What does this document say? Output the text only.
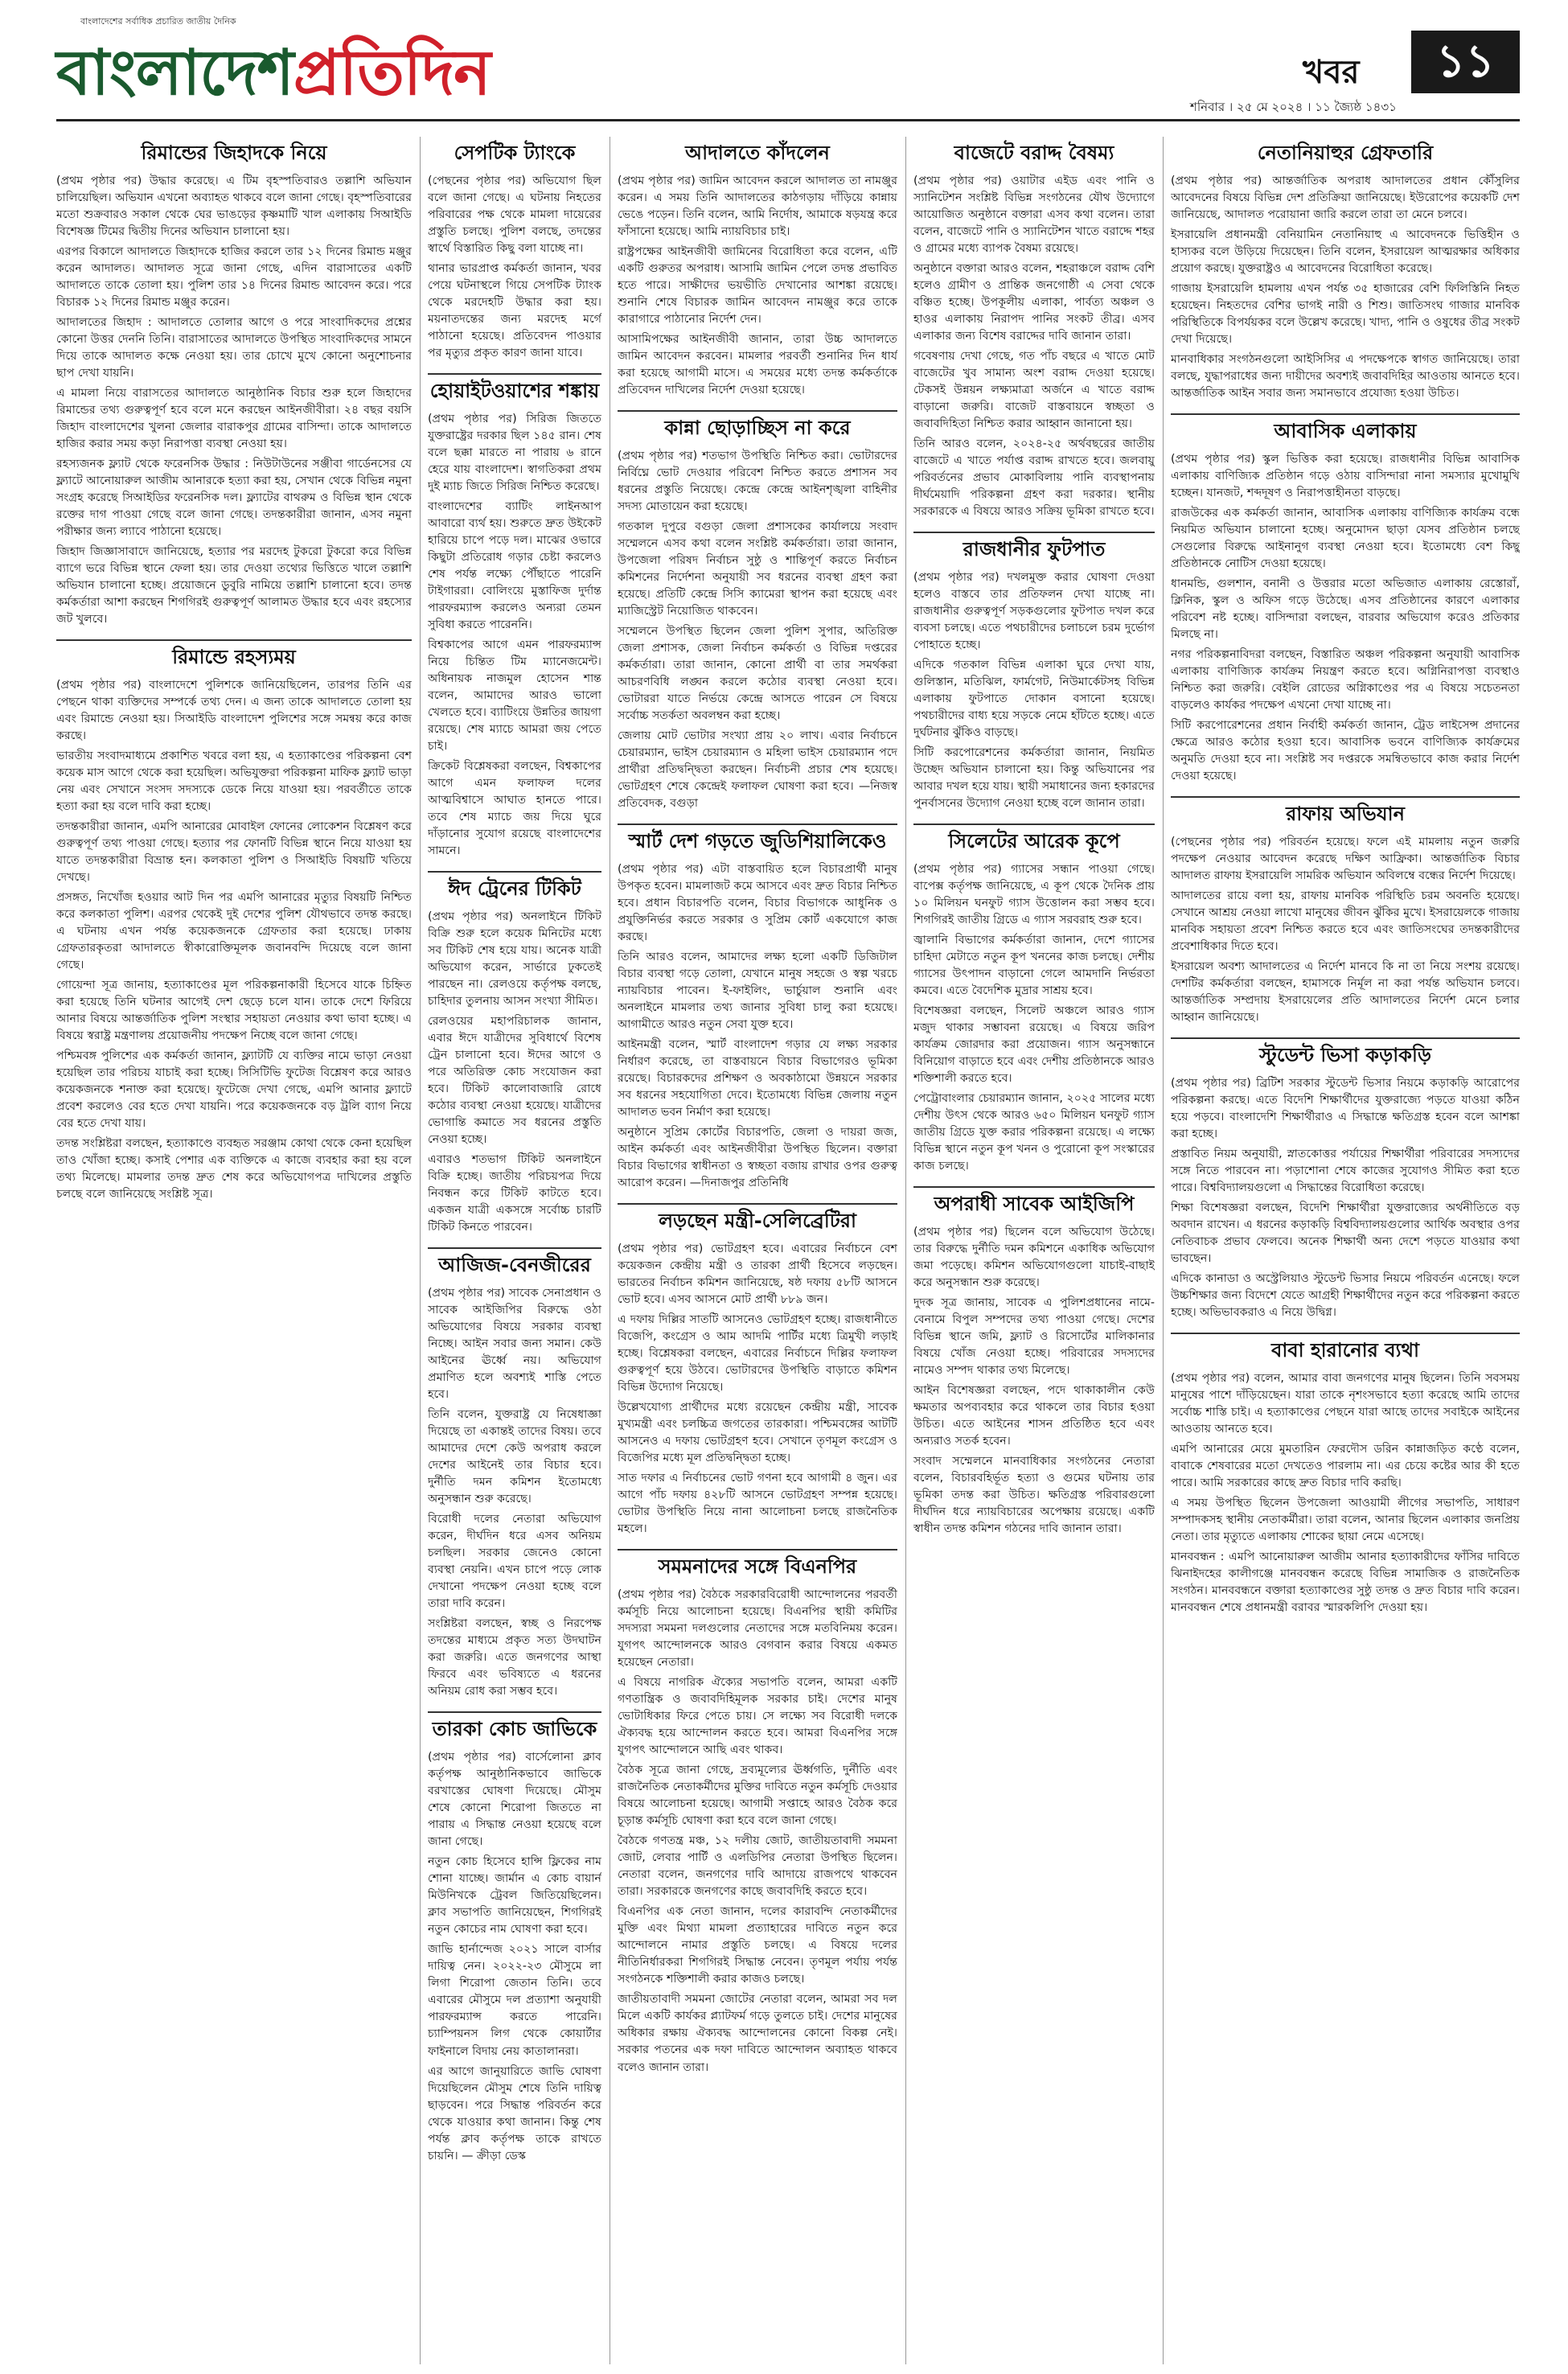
বাংলাদেশের সর্বাধিক প্রচারিত জাতীয় দৈনিক
বাংলাদেশপ্রতিদিন	খবর	১১
শনিবার । ২৫ মে ২০২৪ । ১১ জ্যৈষ্ঠ ১৪৩১
রিমান্ডের জিহাদকে নিয়ে

(প্রথম পৃষ্ঠার পর) উদ্ধার করেছে। এ টিম বৃহস্পতিবারও তল্লাশি অভিযান চালিয়েছিল। অভিযান এখনো অব্যাহত থাকবে বলে জানা গেছে। বৃহস্পতিবারের মতো শুক্রবারও সকাল থেকে ঘের ভাঙড়ের কৃষ্ণমাটি খাল এলাকায় সিআইডি বিশেষজ্ঞ টিমের দ্বিতীয় দিনের অভিযান চালানো হয়।

এরপর বিকালে আদালতে জিহাদকে হাজির করলে তার ১২ দিনের রিমান্ড মঞ্জুর করেন আদালত। আদালত সূত্রে জানা গেছে, এদিন বারাসাতের একটি আদালতে তাকে তোলা হয়। পুলিশ তার ১৪ দিনের রিমান্ড আবেদন করে। পরে বিচারক ১২ দিনের রিমান্ড মঞ্জুর করেন।

আদালতের জিহাদ : আদালতে তোলার আগে ও পরে সাংবাদিকদের প্রশ্নের কোনো উত্তর দেননি তিনি। বারাসাতের আদালতে উপস্থিত সাংবাদিকদের সামনে দিয়ে তাকে আদালত কক্ষে নেওয়া হয়। তার চোখে মুখে কোনো অনুশোচনার ছাপ দেখা যায়নি।

এ মামলা নিয়ে বারাসতের আদালতে আনুষ্ঠানিক বিচার শুরু হলে জিহাদের রিমান্ডের তথ্য গুরুত্বপূর্ণ হবে বলে মনে করছেন আইনজীবীরা। ২৪ বছর বয়সি জিহাদ বাংলাদেশের খুলনা জেলার বারাকপুর গ্রামের বাসিন্দা। তাকে আদালতে হাজির করার সময় কড়া নিরাপত্তা ব্যবস্থা নেওয়া হয়।

রহস্যজনক ফ্ল্যাট থেকে ফরেনসিক উদ্ধার : নিউটাউনের সঞ্জীবা গার্ডেনসের যে ফ্ল্যাটে আনোয়ারুল আজীম আনারকে হত্যা করা হয়, সেখান থেকে বিভিন্ন নমুনা সংগ্রহ করেছে সিআইডির ফরেনসিক দল। ফ্ল্যাটের বাথরুম ও বিভিন্ন স্থান থেকে রক্তের দাগ পাওয়া গেছে বলে জানা গেছে। তদন্তকারীরা জানান, এসব নমুনা পরীক্ষার জন্য ল্যাবে পাঠানো হয়েছে।

জিহাদ জিজ্ঞাসাবাদে জানিয়েছে, হত্যার পর মরদেহ টুকরো টুকরো করে বিভিন্ন ব্যাগে ভরে বিভিন্ন স্থানে ফেলা হয়। তার দেওয়া তথ্যের ভিত্তিতে খালে তল্লাশি অভিযান চালানো হচ্ছে। প্রয়োজনে ডুবুরি নামিয়ে তল্লাশি চালানো হবে। তদন্ত কর্মকর্তারা আশা করছেন শিগগিরই গুরুত্বপূর্ণ আলামত উদ্ধার হবে এবং রহস্যের জট খুলবে।

রিমান্ডে রহস্যময়

(প্রথম পৃষ্ঠার পর) বাংলাদেশে পুলিশকে জানিয়েছিলেন, তারপর তিনি এর পেছনে থাকা ব্যক্তিদের সম্পর্কে তথ্য দেন। এ জন্য তাকে আদালতে তোলা হয় এবং রিমান্ডে নেওয়া হয়। সিআইডি বাংলাদেশ পুলিশের সঙ্গে সমন্বয় করে কাজ করছে।

ভারতীয় সংবাদমাধ্যমে প্রকাশিত খবরে বলা হয়, এ হত্যাকাণ্ডের পরিকল্পনা বেশ কয়েক মাস আগে থেকে করা হয়েছিল। অভিযুক্তরা পরিকল্পনা মাফিক ফ্ল্যাট ভাড়া নেয় এবং সেখানে সংসদ সদস্যকে ডেকে নিয়ে যাওয়া হয়। পরবর্তীতে তাকে হত্যা করা হয় বলে দাবি করা হচ্ছে।

তদন্তকারীরা জানান, এমপি আনারের মোবাইল ফোনের লোকেশন বিশ্লেষণ করে গুরুত্বপূর্ণ তথ্য পাওয়া গেছে। হত্যার পর ফোনটি বিভিন্ন স্থানে নিয়ে যাওয়া হয় যাতে তদন্তকারীরা বিভ্রান্ত হন। কলকাতা পুলিশ ও সিআইডি বিষয়টি খতিয়ে দেখছে।

প্রসঙ্গত, নিখোঁজ হওয়ার আট দিন পর এমপি আনারের মৃত্যুর বিষয়টি নিশ্চিত করে কলকাতা পুলিশ। এরপর থেকেই দুই দেশের পুলিশ যৌথভাবে তদন্ত করছে। এ ঘটনায় এখন পর্যন্ত কয়েকজনকে গ্রেফতার করা হয়েছে। ঢাকায় গ্রেফতারকৃতরা আদালতে স্বীকারোক্তিমূলক জবানবন্দি দিয়েছে বলে জানা গেছে।

গোয়েন্দা সূত্র জানায়, হত্যাকাণ্ডের মূল পরিকল্পনাকারী হিসেবে যাকে চিহ্নিত করা হয়েছে তিনি ঘটনার আগেই দেশ ছেড়ে চলে যান। তাকে দেশে ফিরিয়ে আনার বিষয়ে আন্তর্জাতিক পুলিশ সংস্থার সহায়তা নেওয়ার কথা ভাবা হচ্ছে। এ বিষয়ে স্বরাষ্ট্র মন্ত্রণালয় প্রয়োজনীয় পদক্ষেপ নিচ্ছে বলে জানা গেছে।

পশ্চিমবঙ্গ পুলিশের এক কর্মকর্তা জানান, ফ্ল্যাটটি যে ব্যক্তির নামে ভাড়া নেওয়া হয়েছিল তার পরিচয় যাচাই করা হচ্ছে। সিসিটিভি ফুটেজ বিশ্লেষণ করে আরও কয়েকজনকে শনাক্ত করা হয়েছে। ফুটেজে দেখা গেছে, এমপি আনার ফ্ল্যাটে প্রবেশ করলেও বের হতে দেখা যায়নি। পরে কয়েকজনকে বড় ট্রলি ব্যাগ নিয়ে বের হতে দেখা যায়।

তদন্ত সংশ্লিষ্টরা বলছেন, হত্যাকাণ্ডে ব্যবহৃত সরঞ্জাম কোথা থেকে কেনা হয়েছিল তাও খোঁজা হচ্ছে। কসাই পেশার এক ব্যক্তিকে এ কাজে ব্যবহার করা হয় বলে তথ্য মিলেছে। মামলার তদন্ত দ্রুত শেষ করে অভিযোগপত্র দাখিলের প্রস্তুতি চলছে বলে জানিয়েছে সংশ্লিষ্ট সূত্র।

সেপটিক ট্যাংকে

(পেছনের পৃষ্ঠার পর) অভিযোগ ছিল বলে জানা গেছে। এ ঘটনায় নিহতের পরিবারের পক্ষ থেকে মামলা দায়েরের প্রস্তুতি চলছে। পুলিশ বলছে, তদন্তের স্বার্থে বিস্তারিত কিছু বলা যাচ্ছে না।

থানার ভারপ্রাপ্ত কর্মকর্তা জানান, খবর পেয়ে ঘটনাস্থলে গিয়ে সেপটিক ট্যাংক থেকে মরদেহটি উদ্ধার করা হয়। ময়নাতদন্তের জন্য মরদেহ মর্গে পাঠানো হয়েছে। প্রতিবেদন পাওয়ার পর মৃত্যুর প্রকৃত কারণ জানা যাবে।

হোয়াইটওয়াশের শঙ্কায়

(প্রথম পৃষ্ঠার পর) সিরিজ জিততে যুক্তরাষ্ট্রের দরকার ছিল ১৪৫ রান। শেষ বলে ছক্কা মারতে না পারায় ৬ রানে হেরে যায় বাংলাদেশ। স্বাগতিকরা প্রথম দুই ম্যাচ জিতে সিরিজ নিশ্চিত করেছে।

বাংলাদেশের ব্যাটিং লাইনআপ আবারো ব্যর্থ হয়। শুরুতে দ্রুত উইকেট হারিয়ে চাপে পড়ে দল। মাঝের ওভারে কিছুটা প্রতিরোধ গড়ার চেষ্টা করলেও শেষ পর্যন্ত লক্ষ্যে পৌঁছাতে পারেনি টাইগাররা। বোলিংয়ে মুস্তাফিজ দুর্দান্ত পারফরম্যান্স করলেও অন্যরা তেমন সুবিধা করতে পারেননি।

বিশ্বকাপের আগে এমন পারফরম্যান্স নিয়ে চিন্তিত টিম ম্যানেজমেন্ট। অধিনায়ক নাজমুল হোসেন শান্ত বলেন, আমাদের আরও ভালো খেলতে হবে। ব্যাটিংয়ে উন্নতির জায়গা রয়েছে। শেষ ম্যাচে আমরা জয় পেতে চাই।

ক্রিকেট বিশ্লেষকরা বলছেন, বিশ্বকাপের আগে এমন ফলাফল দলের আত্মবিশ্বাসে আঘাত হানতে পারে। তবে শেষ ম্যাচে জয় দিয়ে ঘুরে দাঁড়ানোর সুযোগ রয়েছে বাংলাদেশের সামনে।

ঈদ ট্রেনের টিকিট

(প্রথম পৃষ্ঠার পর) অনলাইনে টিকিট বিক্রি শুরু হলে কয়েক মিনিটের মধ্যে সব টিকিট শেষ হয়ে যায়। অনেক যাত্রী অভিযোগ করেন, সার্ভারে ঢুকতেই পারছেন না। রেলওয়ে কর্তৃপক্ষ বলছে, চাহিদার তুলনায় আসন সংখ্যা সীমিত।

রেলওয়ের মহাপরিচালক জানান, এবার ঈদে যাত্রীদের সুবিধার্থে বিশেষ ট্রেন চালানো হবে। ঈদের আগে ও পরে অতিরিক্ত কোচ সংযোজন করা হবে। টিকিট কালোবাজারি রোধে কঠোর ব্যবস্থা নেওয়া হয়েছে। যাত্রীদের ভোগান্তি কমাতে সব ধরনের প্রস্তুতি নেওয়া হচ্ছে।

এবারও শতভাগ টিকিট অনলাইনে বিক্রি হচ্ছে। জাতীয় পরিচয়পত্র দিয়ে নিবন্ধন করে টিকিট কাটতে হবে। একজন যাত্রী একসঙ্গে সর্বোচ্চ চারটি টিকিট কিনতে পারবেন।

আজিজ-বেনজীরের

(প্রথম পৃষ্ঠার পর) সাবেক সেনাপ্রধান ও সাবেক আইজিপির বিরুদ্ধে ওঠা অভিযোগের বিষয়ে সরকার ব্যবস্থা নিচ্ছে। আইন সবার জন্য সমান। কেউ আইনের ঊর্ধ্বে নয়। অভিযোগ প্রমাণিত হলে অবশ্যই শাস্তি পেতে হবে।

তিনি বলেন, যুক্তরাষ্ট্র যে নিষেধাজ্ঞা দিয়েছে তা একান্তই তাদের বিষয়। তবে আমাদের দেশে কেউ অপরাধ করলে দেশের আইনেই তার বিচার হবে। দুর্নীতি দমন কমিশন ইতোমধ্যে অনুসন্ধান শুরু করেছে।

বিরোধী দলের নেতারা অভিযোগ করেন, দীর্ঘদিন ধরে এসব অনিয়ম চলছিল। সরকার জেনেও কোনো ব্যবস্থা নেয়নি। এখন চাপে পড়ে লোক দেখানো পদক্ষেপ নেওয়া হচ্ছে বলে তারা দাবি করেন।

সংশ্লিষ্টরা বলছেন, স্বচ্ছ ও নিরপেক্ষ তদন্তের মাধ্যমে প্রকৃত সত্য উদঘাটন করা জরুরি। এতে জনগণের আস্থা ফিরবে এবং ভবিষ্যতে এ ধরনের অনিয়ম রোধ করা সম্ভব হবে।

তারকা কোচ জাভিকে

(প্রথম পৃষ্ঠার পর) বার্সেলোনা ক্লাব কর্তৃপক্ষ আনুষ্ঠানিকভাবে জাভিকে বরখাস্তের ঘোষণা দিয়েছে। মৌসুম শেষে কোনো শিরোপা জিততে না পারায় এ সিদ্ধান্ত নেওয়া হয়েছে বলে জানা গেছে।

নতুন কোচ হিসেবে হান্সি ফ্লিকের নাম শোনা যাচ্ছে। জার্মান এ কোচ বায়ার্ন মিউনিখকে ট্রেবল জিতিয়েছিলেন। ক্লাব সভাপতি জানিয়েছেন, শিগগিরই নতুন কোচের নাম ঘোষণা করা হবে।

জাভি হার্নান্দেজ ২০২১ সালে বার্সার দায়িত্ব নেন। ২০২২-২৩ মৌসুমে লা লিগা শিরোপা জেতান তিনি। তবে এবারের মৌসুমে দল প্রত্যাশা অনুযায়ী পারফরম্যান্স করতে পারেনি। চ্যাম্পিয়নস লিগ থেকে কোয়ার্টার ফাইনালে বিদায় নেয় কাতালানরা।

এর আগে জানুয়ারিতে জাভি ঘোষণা দিয়েছিলেন মৌসুম শেষে তিনি দায়িত্ব ছাড়বেন। পরে সিদ্ধান্ত পরিবর্তন করে থেকে যাওয়ার কথা জানান। কিন্তু শেষ পর্যন্ত ক্লাব কর্তৃপক্ষ তাকে রাখতে চায়নি। — ক্রীড়া ডেস্ক

আদালতে কাঁদলেন

(প্রথম পৃষ্ঠার পর) জামিন আবেদন করলে আদালত তা নামঞ্জুর করেন। এ সময় তিনি আদালতের কাঠগড়ায় দাঁড়িয়ে কান্নায় ভেঙে পড়েন। তিনি বলেন, আমি নির্দোষ, আমাকে ষড়যন্ত্র করে ফাঁসানো হয়েছে। আমি ন্যায়বিচার চাই।

রাষ্ট্রপক্ষের আইনজীবী জামিনের বিরোধিতা করে বলেন, এটি একটি গুরুতর অপরাধ। আসামি জামিন পেলে তদন্ত প্রভাবিত হতে পারে। সাক্ষীদের ভয়ভীতি দেখানোর আশঙ্কা রয়েছে। শুনানি শেষে বিচারক জামিন আবেদন নামঞ্জুর করে তাকে কারাগারে পাঠানোর নির্দেশ দেন।

আসামিপক্ষের আইনজীবী জানান, তারা উচ্চ আদালতে জামিন আবেদন করবেন। মামলার পরবর্তী শুনানির দিন ধার্য করা হয়েছে আগামী মাসে। এ সময়ের মধ্যে তদন্ত কর্মকর্তাকে প্রতিবেদন দাখিলের নির্দেশ দেওয়া হয়েছে।

কান্না ছোড়াচ্ছিস না করে

(প্রথম পৃষ্ঠার পর) শতভাগ উপস্থিতি নিশ্চিত করা। ভোটারদের নির্বিঘ্নে ভোট দেওয়ার পরিবেশ নিশ্চিত করতে প্রশাসন সব ধরনের প্রস্তুতি নিয়েছে। কেন্দ্রে কেন্দ্রে আইনশৃঙ্খলা বাহিনীর সদস্য মোতায়েন করা হয়েছে।

গতকাল দুপুরে বগুড়া জেলা প্রশাসকের কার্যালয়ে সংবাদ সম্মেলনে এসব কথা বলেন সংশ্লিষ্ট কর্মকর্তারা। তারা জানান, উপজেলা পরিষদ নির্বাচন সুষ্ঠু ও শান্তিপূর্ণ করতে নির্বাচন কমিশনের নির্দেশনা অনুযায়ী সব ধরনের ব্যবস্থা গ্রহণ করা হয়েছে। প্রতিটি কেন্দ্রে সিসি ক্যামেরা স্থাপন করা হয়েছে এবং ম্যাজিস্ট্রেট নিয়োজিত থাকবেন।

সম্মেলনে উপস্থিত ছিলেন জেলা পুলিশ সুপার, অতিরিক্ত জেলা প্রশাসক, জেলা নির্বাচন কর্মকর্তা ও বিভিন্ন দপ্তরের কর্মকর্তারা। তারা জানান, কোনো প্রার্থী বা তার সমর্থকরা আচরণবিধি লঙ্ঘন করলে কঠোর ব্যবস্থা নেওয়া হবে। ভোটাররা যাতে নির্ভয়ে কেন্দ্রে আসতে পারেন সে বিষয়ে সর্বোচ্চ সতর্কতা অবলম্বন করা হচ্ছে।

জেলায় মোট ভোটার সংখ্যা প্রায় ২০ লাখ। এবার নির্বাচনে চেয়ারম্যান, ভাইস চেয়ারম্যান ও মহিলা ভাইস চেয়ারম্যান পদে প্রার্থীরা প্রতিদ্বন্দ্বিতা করছেন। নির্বাচনী প্রচার শেষ হয়েছে। ভোটগ্রহণ শেষে কেন্দ্রেই ফলাফল ঘোষণা করা হবে। —নিজস্ব প্রতিবেদক, বগুড়া

স্মার্ট দেশ গড়তে জুডিশিয়ালিকেও

(প্রথম পৃষ্ঠার পর) এটা বাস্তবায়িত হলে বিচারপ্রার্থী মানুষ উপকৃত হবেন। মামলাজট কমে আসবে এবং দ্রুত বিচার নিশ্চিত হবে। প্রধান বিচারপতি বলেন, বিচার বিভাগকে আধুনিক ও প্রযুক্তিনির্ভর করতে সরকার ও সুপ্রিম কোর্ট একযোগে কাজ করছে।

তিনি আরও বলেন, আমাদের লক্ষ্য হলো একটি ডিজিটাল বিচার ব্যবস্থা গড়ে তোলা, যেখানে মানুষ সহজে ও স্বল্প খরচে ন্যায়বিচার পাবেন। ই-ফাইলিং, ভার্চুয়াল শুনানি এবং অনলাইনে মামলার তথ্য জানার সুবিধা চালু করা হয়েছে। আগামীতে আরও নতুন সেবা যুক্ত হবে।

আইনমন্ত্রী বলেন, স্মার্ট বাংলাদেশ গড়ার যে লক্ষ্য সরকার নির্ধারণ করেছে, তা বাস্তবায়নে বিচার বিভাগেরও ভূমিকা রয়েছে। বিচারকদের প্রশিক্ষণ ও অবকাঠামো উন্নয়নে সরকার সব ধরনের সহযোগিতা দেবে। ইতোমধ্যে বিভিন্ন জেলায় নতুন আদালত ভবন নির্মাণ করা হয়েছে।

অনুষ্ঠানে সুপ্রিম কোর্টের বিচারপতি, জেলা ও দায়রা জজ, আইন কর্মকর্তা এবং আইনজীবীরা উপস্থিত ছিলেন। বক্তারা বিচার বিভাগের স্বাধীনতা ও স্বচ্ছতা বজায় রাখার ওপর গুরুত্ব আরোপ করেন। —দিনাজপুর প্রতিনিধি

লড়ছেন মন্ত্রী-সেলিব্রেটিরা

(প্রথম পৃষ্ঠার পর) ভোটগ্রহণ হবে। এবারের নির্বাচনে বেশ কয়েকজন কেন্দ্রীয় মন্ত্রী ও তারকা প্রার্থী হিসেবে লড়ছেন। ভারতের নির্বাচন কমিশন জানিয়েছে, ষষ্ঠ দফায় ৫৮টি আসনে ভোট হবে। এসব আসনে মোট প্রার্থী ৮৮৯ জন।

এ দফায় দিল্লির সাতটি আসনেও ভোটগ্রহণ হচ্ছে। রাজধানীতে বিজেপি, কংগ্রেস ও আম আদমি পার্টির মধ্যে ত্রিমুখী লড়াই হচ্ছে। বিশ্লেষকরা বলছেন, এবারের নির্বাচনে দিল্লির ফলাফল গুরুত্বপূর্ণ হয়ে উঠবে। ভোটারদের উপস্থিতি বাড়াতে কমিশন বিভিন্ন উদ্যোগ নিয়েছে।

উল্লেখযোগ্য প্রার্থীদের মধ্যে রয়েছেন কেন্দ্রীয় মন্ত্রী, সাবেক মুখ্যমন্ত্রী এবং চলচ্চিত্র জগতের তারকারা। পশ্চিমবঙ্গের আটটি আসনেও এ দফায় ভোটগ্রহণ হবে। সেখানে তৃণমূল কংগ্রেস ও বিজেপির মধ্যে মূল প্রতিদ্বন্দ্বিতা হচ্ছে।

সাত দফার এ নির্বাচনের ভোট গণনা হবে আগামী ৪ জুন। এর আগে পাঁচ দফায় ৪২৮টি আসনে ভোটগ্রহণ সম্পন্ন হয়েছে। ভোটার উপস্থিতি নিয়ে নানা আলোচনা চলছে রাজনৈতিক মহলে।

সমমনাদের সঙ্গে বিএনপির

(প্রথম পৃষ্ঠার পর) বৈঠকে সরকারবিরোধী আন্দোলনের পরবর্তী কর্মসূচি নিয়ে আলোচনা হয়েছে। বিএনপির স্থায়ী কমিটির সদস্যরা সমমনা দলগুলোর নেতাদের সঙ্গে মতবিনিময় করেন। যুগপৎ আন্দোলনকে আরও বেগবান করার বিষয়ে একমত হয়েছেন নেতারা।

এ বিষয়ে নাগরিক ঐক্যের সভাপতি বলেন, আমরা একটি গণতান্ত্রিক ও জবাবদিহিমূলক সরকার চাই। দেশের মানুষ ভোটাধিকার ফিরে পেতে চায়। সে লক্ষ্যে সব বিরোধী দলকে ঐক্যবদ্ধ হয়ে আন্দোলন করতে হবে। আমরা বিএনপির সঙ্গে যুগপৎ আন্দোলনে আছি এবং থাকব।

বৈঠক সূত্রে জানা গেছে, দ্রব্যমূল্যের ঊর্ধ্বগতি, দুর্নীতি এবং রাজনৈতিক নেতাকর্মীদের মুক্তির দাবিতে নতুন কর্মসূচি দেওয়ার বিষয়ে আলোচনা হয়েছে। আগামী সপ্তাহে আরও বৈঠক করে চূড়ান্ত কর্মসূচি ঘোষণা করা হবে বলে জানা গেছে।

বৈঠকে গণতন্ত্র মঞ্চ, ১২ দলীয় জোট, জাতীয়তাবাদী সমমনা জোট, লেবার পার্টি ও এলডিপির নেতারা উপস্থিত ছিলেন। নেতারা বলেন, জনগণের দাবি আদায়ে রাজপথে থাকবেন তারা। সরকারকে জনগণের কাছে জবাবদিহি করতে হবে।

বিএনপির এক নেতা জানান, দলের কারাবন্দি নেতাকর্মীদের মুক্তি এবং মিথ্যা মামলা প্রত্যাহারের দাবিতে নতুন করে আন্দোলনে নামার প্রস্তুতি চলছে। এ বিষয়ে দলের নীতিনির্ধারকরা শিগগিরই সিদ্ধান্ত নেবেন। তৃণমূল পর্যায় পর্যন্ত সংগঠনকে শক্তিশালী করার কাজও চলছে।

জাতীয়তাবাদী সমমনা জোটের নেতারা বলেন, আমরা সব দল মিলে একটি কার্যকর প্ল্যাটফর্ম গড়ে তুলতে চাই। দেশের মানুষের অধিকার রক্ষায় ঐক্যবদ্ধ আন্দোলনের কোনো বিকল্প নেই। সরকার পতনের এক দফা দাবিতে আন্দোলন অব্যাহত থাকবে বলেও জানান তারা।

বাজেটে বরাদ্দ বৈষম্য

(প্রথম পৃষ্ঠার পর) ওয়াটার এইড এবং পানি ও স্যানিটেশন সংশ্লিষ্ট বিভিন্ন সংগঠনের যৌথ উদ্যোগে আয়োজিত অনুষ্ঠানে বক্তারা এসব কথা বলেন। তারা বলেন, বাজেটে পানি ও স্যানিটেশন খাতে বরাদ্দে শহর ও গ্রামের মধ্যে ব্যাপক বৈষম্য রয়েছে।

অনুষ্ঠানে বক্তারা আরও বলেন, শহরাঞ্চলে বরাদ্দ বেশি হলেও গ্রামীণ ও প্রান্তিক জনগোষ্ঠী এ সেবা থেকে বঞ্চিত হচ্ছে। উপকূলীয় এলাকা, পার্বত্য অঞ্চল ও হাওর এলাকায় নিরাপদ পানির সংকট তীব্র। এসব এলাকার জন্য বিশেষ বরাদ্দের দাবি জানান তারা।

গবেষণায় দেখা গেছে, গত পাঁচ বছরে এ খাতে মোট বাজেটের খুব সামান্য অংশ বরাদ্দ দেওয়া হয়েছে। টেকসই উন্নয়ন লক্ষ্যমাত্রা অর্জনে এ খাতে বরাদ্দ বাড়ানো জরুরি। বাজেট বাস্তবায়নে স্বচ্ছতা ও জবাবদিহিতা নিশ্চিত করার আহ্বান জানানো হয়।

তিনি আরও বলেন, ২০২৪-২৫ অর্থবছরের জাতীয় বাজেটে এ খাতে পর্যাপ্ত বরাদ্দ রাখতে হবে। জলবায়ু পরিবর্তনের প্রভাব মোকাবিলায় পানি ব্যবস্থাপনায় দীর্ঘমেয়াদি পরিকল্পনা গ্রহণ করা দরকার। স্থানীয় সরকারকে এ বিষয়ে আরও সক্রিয় ভূমিকা রাখতে হবে।

রাজধানীর ফুটপাত

(প্রথম পৃষ্ঠার পর) দখলমুক্ত করার ঘোষণা দেওয়া হলেও বাস্তবে তার প্রতিফলন দেখা যাচ্ছে না। রাজধানীর গুরুত্বপূর্ণ সড়কগুলোর ফুটপাত দখল করে ব্যবসা চলছে। এতে পথচারীদের চলাচলে চরম দুর্ভোগ পোহাতে হচ্ছে।

এদিকে গতকাল বিভিন্ন এলাকা ঘুরে দেখা যায়, গুলিস্তান, মতিঝিল, ফার্মগেট, নিউমার্কেটসহ বিভিন্ন এলাকায় ফুটপাতে দোকান বসানো হয়েছে। পথচারীদের বাধ্য হয়ে সড়কে নেমে হাঁটতে হচ্ছে। এতে দুর্ঘটনার ঝুঁকিও বাড়ছে।

সিটি করপোরেশনের কর্মকর্তারা জানান, নিয়মিত উচ্ছেদ অভিযান চালানো হয়। কিন্তু অভিযানের পর আবার দখল হয়ে যায়। স্থায়ী সমাধানের জন্য হকারদের পুনর্বাসনের উদ্যোগ নেওয়া হচ্ছে বলে জানান তারা।

সিলেটের আরেক কূপে

(প্রথম পৃষ্ঠার পর) গ্যাসের সন্ধান পাওয়া গেছে। বাপেক্স কর্তৃপক্ষ জানিয়েছে, এ কূপ থেকে দৈনিক প্রায় ১০ মিলিয়ন ঘনফুট গ্যাস উত্তোলন করা সম্ভব হবে। শিগগিরই জাতীয় গ্রিডে এ গ্যাস সরবরাহ শুরু হবে।

জ্বালানি বিভাগের কর্মকর্তারা জানান, দেশে গ্যাসের চাহিদা মেটাতে নতুন কূপ খননের কাজ চলছে। দেশীয় গ্যাসের উৎপাদন বাড়ানো গেলে আমদানি নির্ভরতা কমবে। এতে বৈদেশিক মুদ্রার সাশ্রয় হবে।

বিশেষজ্ঞরা বলছেন, সিলেট অঞ্চলে আরও গ্যাস মজুদ থাকার সম্ভাবনা রয়েছে। এ বিষয়ে জরিপ কার্যক্রম জোরদার করা প্রয়োজন। গ্যাস অনুসন্ধানে বিনিয়োগ বাড়াতে হবে এবং দেশীয় প্রতিষ্ঠানকে আরও শক্তিশালী করতে হবে।

পেট্রোবাংলার চেয়ারম্যান জানান, ২০২৫ সালের মধ্যে দেশীয় উৎস থেকে আরও ৬৫০ মিলিয়ন ঘনফুট গ্যাস জাতীয় গ্রিডে যুক্ত করার পরিকল্পনা রয়েছে। এ লক্ষ্যে বিভিন্ন স্থানে নতুন কূপ খনন ও পুরোনো কূপ সংস্কারের কাজ চলছে।

অপরাধী সাবেক আইজিপি

(প্রথম পৃষ্ঠার পর) ছিলেন বলে অভিযোগ উঠেছে। তার বিরুদ্ধে দুর্নীতি দমন কমিশনে একাধিক অভিযোগ জমা পড়েছে। কমিশন অভিযোগগুলো যাচাই-বাছাই করে অনুসন্ধান শুরু করেছে।

দুদক সূত্র জানায়, সাবেক এ পুলিশপ্রধানের নামে-বেনামে বিপুল সম্পদের তথ্য পাওয়া গেছে। দেশের বিভিন্ন স্থানে জমি, ফ্ল্যাট ও রিসোর্টের মালিকানার বিষয়ে খোঁজ নেওয়া হচ্ছে। পরিবারের সদস্যদের নামেও সম্পদ থাকার তথ্য মিলেছে।

আইন বিশেষজ্ঞরা বলছেন, পদে থাকাকালীন কেউ ক্ষমতার অপব্যবহার করে থাকলে তার বিচার হওয়া উচিত। এতে আইনের শাসন প্রতিষ্ঠিত হবে এবং অন্যরাও সতর্ক হবেন।

সংবাদ সম্মেলনে মানবাধিকার সংগঠনের নেতারা বলেন, বিচারবহির্ভূত হত্যা ও গুমের ঘটনায় তার ভূমিকা তদন্ত করা উচিত। ক্ষতিগ্রস্ত পরিবারগুলো দীর্ঘদিন ধরে ন্যায়বিচারের অপেক্ষায় রয়েছে। একটি স্বাধীন তদন্ত কমিশন গঠনের দাবি জানান তারা।

নেতানিয়াহুর গ্রেফতারি

(প্রথম পৃষ্ঠার পর) আন্তর্জাতিক অপরাধ আদালতের প্রধান কৌঁসুলির আবেদনের বিষয়ে বিভিন্ন দেশ প্রতিক্রিয়া জানিয়েছে। ইউরোপের কয়েকটি দেশ জানিয়েছে, আদালত পরোয়ানা জারি করলে তারা তা মেনে চলবে।

ইসরায়েলি প্রধানমন্ত্রী বেনিয়ামিন নেতানিয়াহু এ আবেদনকে ভিত্তিহীন ও হাস্যকর বলে উড়িয়ে দিয়েছেন। তিনি বলেন, ইসরায়েল আত্মরক্ষার অধিকার প্রয়োগ করছে। যুক্তরাষ্ট্রও এ আবেদনের বিরোধিতা করেছে।

গাজায় ইসরায়েলি হামলায় এখন পর্যন্ত ৩৫ হাজারের বেশি ফিলিস্তিনি নিহত হয়েছেন। নিহতদের বেশির ভাগই নারী ও শিশু। জাতিসংঘ গাজার মানবিক পরিস্থিতিকে বিপর্যয়কর বলে উল্লেখ করেছে। খাদ্য, পানি ও ওষুধের তীব্র সংকট দেখা দিয়েছে।

মানবাধিকার সংগঠনগুলো আইসিসির এ পদক্ষেপকে স্বাগত জানিয়েছে। তারা বলছে, যুদ্ধাপরাধের জন্য দায়ীদের অবশ্যই জবাবদিহির আওতায় আনতে হবে। আন্তর্জাতিক আইন সবার জন্য সমানভাবে প্রযোজ্য হওয়া উচিত।

আবাসিক এলাকায়

(প্রথম পৃষ্ঠার পর) স্কুল ভিত্তিক করা হয়েছে। রাজধানীর বিভিন্ন আবাসিক এলাকায় বাণিজ্যিক প্রতিষ্ঠান গড়ে ওঠায় বাসিন্দারা নানা সমস্যার মুখোমুখি হচ্ছেন। যানজট, শব্দদূষণ ও নিরাপত্তাহীনতা বাড়ছে।

রাজউকের এক কর্মকর্তা জানান, আবাসিক এলাকায় বাণিজ্যিক কার্যক্রম বন্ধে নিয়মিত অভিযান চালানো হচ্ছে। অনুমোদন ছাড়া যেসব প্রতিষ্ঠান চলছে সেগুলোর বিরুদ্ধে আইনানুগ ব্যবস্থা নেওয়া হবে। ইতোমধ্যে বেশ কিছু প্রতিষ্ঠানকে নোটিস দেওয়া হয়েছে।

ধানমন্ডি, গুলশান, বনানী ও উত্তরার মতো অভিজাত এলাকায় রেস্তোরাঁ, ক্লিনিক, স্কুল ও অফিস গড়ে উঠেছে। এসব প্রতিষ্ঠানের কারণে এলাকার পরিবেশ নষ্ট হচ্ছে। বাসিন্দারা বলছেন, বারবার অভিযোগ করেও প্রতিকার মিলছে না।

নগর পরিকল্পনাবিদরা বলছেন, বিস্তারিত অঞ্চল পরিকল্পনা অনুযায়ী আবাসিক এলাকায় বাণিজ্যিক কার্যক্রম নিয়ন্ত্রণ করতে হবে। অগ্নিনিরাপত্তা ব্যবস্থাও নিশ্চিত করা জরুরি। বেইলি রোডের অগ্নিকাণ্ডের পর এ বিষয়ে সচেতনতা বাড়লেও কার্যকর পদক্ষেপ এখনো দেখা যাচ্ছে না।

সিটি করপোরেশনের প্রধান নির্বাহী কর্মকর্তা জানান, ট্রেড লাইসেন্স প্রদানের ক্ষেত্রে আরও কঠোর হওয়া হবে। আবাসিক ভবনে বাণিজ্যিক কার্যক্রমের অনুমতি দেওয়া হবে না। সংশ্লিষ্ট সব দপ্তরকে সমন্বিতভাবে কাজ করার নির্দেশ দেওয়া হয়েছে।

রাফায় অভিযান

(পেছনের পৃষ্ঠার পর) পরিবর্তন হয়েছে। ফলে এই মামলায় নতুন জরুরি পদক্ষেপ নেওয়ার আবেদন করেছে দক্ষিণ আফ্রিকা। আন্তর্জাতিক বিচার আদালত রাফায় ইসরায়েলি সামরিক অভিযান অবিলম্বে বন্ধের নির্দেশ দিয়েছে।

আদালতের রায়ে বলা হয়, রাফায় মানবিক পরিস্থিতি চরম অবনতি হয়েছে। সেখানে আশ্রয় নেওয়া লাখো মানুষের জীবন ঝুঁকির মুখে। ইসরায়েলকে গাজায় মানবিক সহায়তা প্রবেশ নিশ্চিত করতে হবে এবং জাতিসংঘের তদন্তকারীদের প্রবেশাধিকার দিতে হবে।

ইসরায়েল অবশ্য আদালতের এ নির্দেশ মানবে কি না তা নিয়ে সংশয় রয়েছে। দেশটির কর্মকর্তারা বলছেন, হামাসকে নির্মূল না করা পর্যন্ত অভিযান চলবে। আন্তর্জাতিক সম্প্রদায় ইসরায়েলের প্রতি আদালতের নির্দেশ মেনে চলার আহ্বান জানিয়েছে।

স্টুডেন্ট ভিসা কড়াকড়ি

(প্রথম পৃষ্ঠার পর) ব্রিটিশ সরকার স্টুডেন্ট ভিসার নিয়মে কড়াকড়ি আরোপের পরিকল্পনা করছে। এতে বিদেশি শিক্ষার্থীদের যুক্তরাজ্যে পড়তে যাওয়া কঠিন হয়ে পড়বে। বাংলাদেশি শিক্ষার্থীরাও এ সিদ্ধান্তে ক্ষতিগ্রস্ত হবেন বলে আশঙ্কা করা হচ্ছে।

প্রস্তাবিত নিয়ম অনুযায়ী, স্নাতকোত্তর পর্যায়ের শিক্ষার্থীরা পরিবারের সদস্যদের সঙ্গে নিতে পারবেন না। পড়াশোনা শেষে কাজের সুযোগও সীমিত করা হতে পারে। বিশ্ববিদ্যালয়গুলো এ সিদ্ধান্তের বিরোধিতা করেছে।

শিক্ষা বিশেষজ্ঞরা বলছেন, বিদেশি শিক্ষার্থীরা যুক্তরাজ্যের অর্থনীতিতে বড় অবদান রাখেন। এ ধরনের কড়াকড়ি বিশ্ববিদ্যালয়গুলোর আর্থিক অবস্থার ওপর নেতিবাচক প্রভাব ফেলবে। অনেক শিক্ষার্থী অন্য দেশে পড়তে যাওয়ার কথা ভাবছেন।

এদিকে কানাডা ও অস্ট্রেলিয়াও স্টুডেন্ট ভিসার নিয়মে পরিবর্তন এনেছে। ফলে উচ্চশিক্ষার জন্য বিদেশে যেতে আগ্রহী শিক্ষার্থীদের নতুন করে পরিকল্পনা করতে হচ্ছে। অভিভাবকরাও এ নিয়ে উদ্বিগ্ন।

বাবা হারানোর ব্যথা

(প্রথম পৃষ্ঠার পর) বলেন, আমার বাবা জনগণের মানুষ ছিলেন। তিনি সবসময় মানুষের পাশে দাঁড়িয়েছেন। যারা তাকে নৃশংসভাবে হত্যা করেছে আমি তাদের সর্বোচ্চ শাস্তি চাই। এ হত্যাকাণ্ডের পেছনে যারা আছে তাদের সবাইকে আইনের আওতায় আনতে হবে।

এমপি আনারের মেয়ে মুমতারিন ফেরদৌস ডরিন কান্নাজড়িত কণ্ঠে বলেন, বাবাকে শেষবারের মতো দেখতেও পারলাম না। এর চেয়ে কষ্টের আর কী হতে পারে। আমি সরকারের কাছে দ্রুত বিচার দাবি করছি।

এ সময় উপস্থিত ছিলেন উপজেলা আওয়ামী লীগের সভাপতি, সাধারণ সম্পাদকসহ স্থানীয় নেতাকর্মীরা। তারা বলেন, আনার ছিলেন এলাকার জনপ্রিয় নেতা। তার মৃত্যুতে এলাকায় শোকের ছায়া নেমে এসেছে।

মানববন্ধন : এমপি আনোয়ারুল আজীম আনার হত্যাকারীদের ফাঁসির দাবিতে ঝিনাইদহের কালীগঞ্জে মানববন্ধন করেছে বিভিন্ন সামাজিক ও রাজনৈতিক সংগঠন। মানববন্ধনে বক্তারা হত্যাকাণ্ডের সুষ্ঠু তদন্ত ও দ্রুত বিচার দাবি করেন। মানববন্ধন শেষে প্রধানমন্ত্রী বরাবর স্মারকলিপি দেওয়া হয়।
